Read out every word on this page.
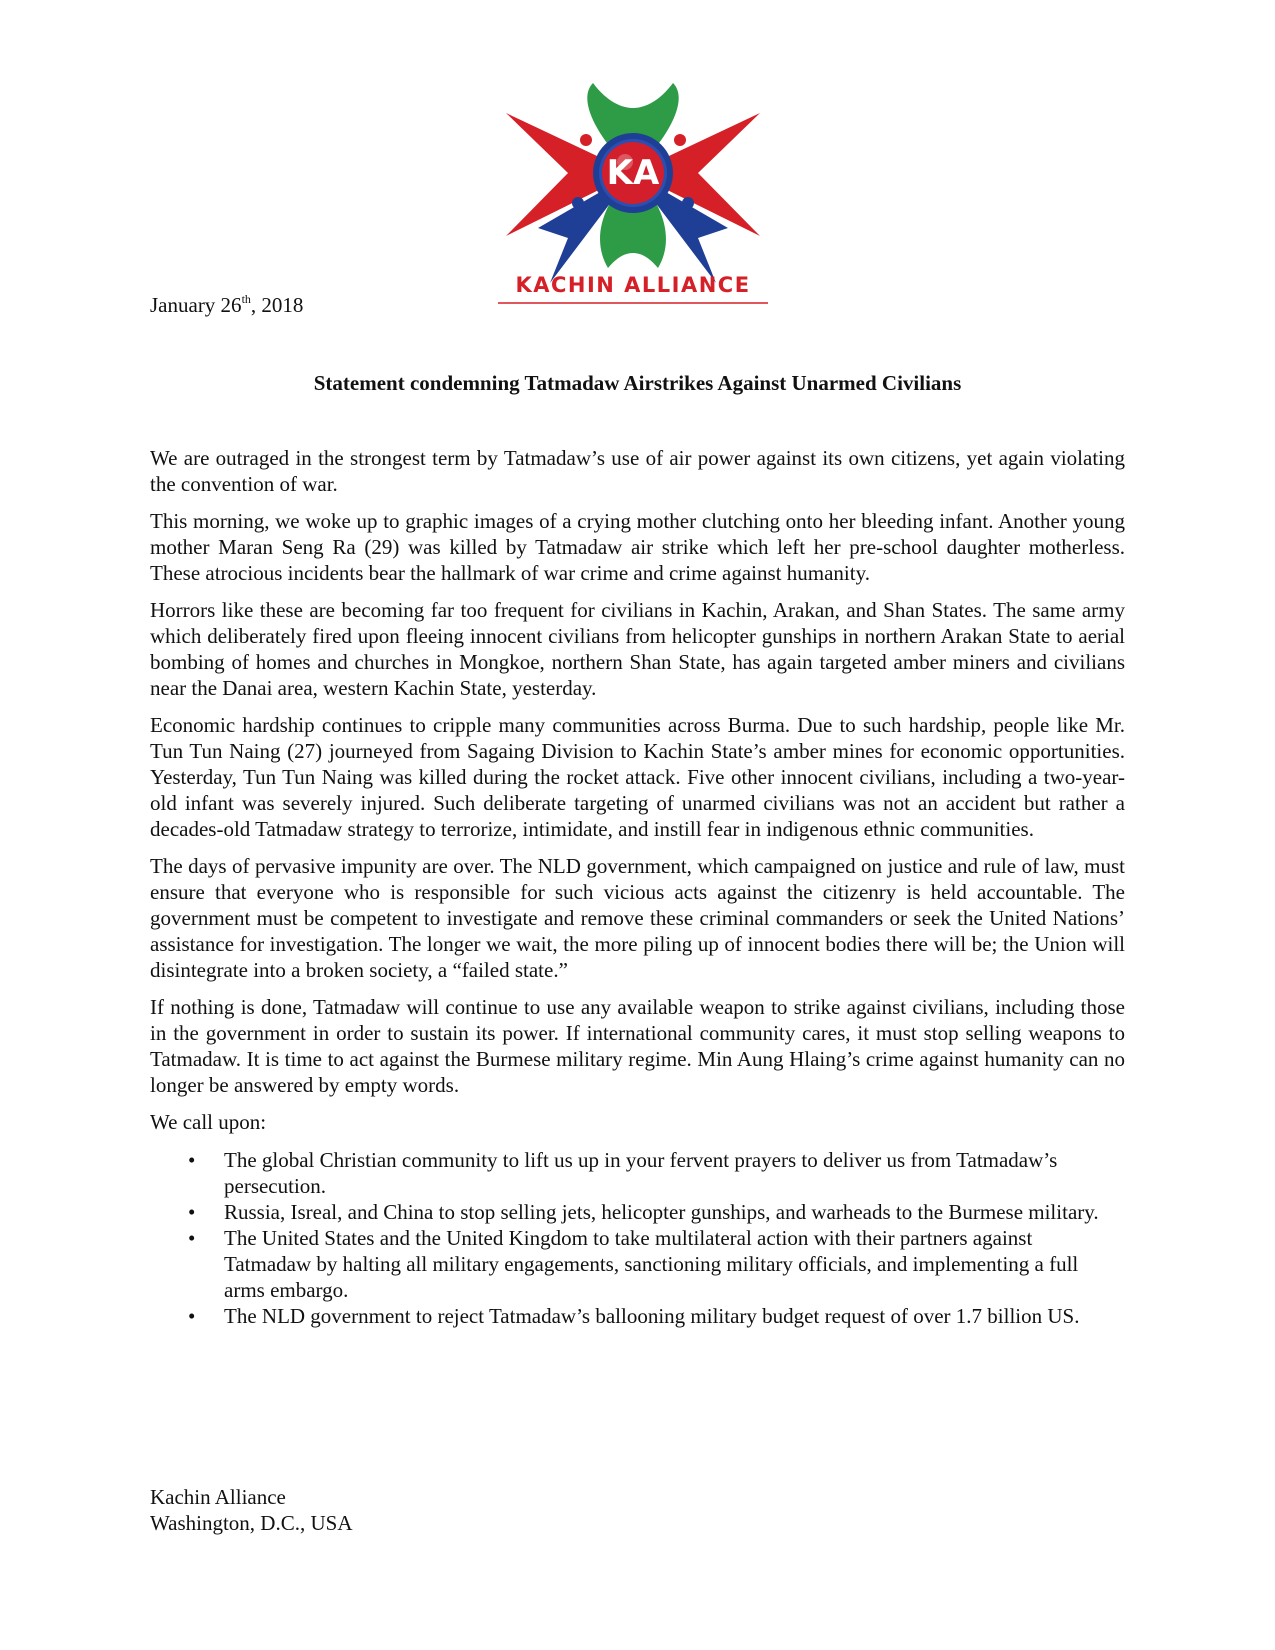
KA
KACHIN ALLIANCE
January 26th, 2018
Statement condemning Tatmadaw Airstrikes Against Unarmed Civilians

We are outraged in the strongest term by Tatmadaw’s use of air power against its own citizens, yet again violating the convention of war.

This morning, we woke up to graphic images of a crying mother clutching onto her bleeding infant. Another young mother Maran Seng Ra (29) was killed by Tatmadaw air strike which left her pre-school daughter motherless. These atrocious incidents bear the hallmark of war crime and crime against humanity.

Horrors like these are becoming far too frequent for civilians in Kachin, Arakan, and Shan States. The same army which deliberately fired upon fleeing innocent civilians from helicopter gunships in northern Arakan State to aerial bombing of homes and churches in Mongkoe, northern Shan State, has again targeted amber miners and civilians near the Danai area, western Kachin State, yesterday.

Economic hardship continues to cripple many communities across Burma. Due to such hardship, people like Mr. Tun Tun Naing (27) journeyed from Sagaing Division to Kachin State’s amber mines for economic opportunities. Yesterday, Tun Tun Naing was killed during the rocket attack. Five other innocent civilians, including a two-year-old infant was severely injured. Such deliberate targeting of unarmed civilians was not an accident but rather a decades-old Tatmadaw strategy to terrorize, intimidate, and instill fear in indigenous ethnic communities.

The days of pervasive impunity are over. The NLD government, which campaigned on justice and rule of law, must ensure that everyone who is responsible for such vicious acts against the citizenry is held accountable. The government must be competent to investigate and remove these criminal commanders or seek the United Nations’ assistance for investigation. The longer we wait, the more piling up of innocent bodies there will be; the Union will disintegrate into a broken society, a “failed state.”

If nothing is done, Tatmadaw will continue to use any available weapon to strike against civilians, including those in the government in order to sustain its power. If international community cares, it must stop selling weapons to Tatmadaw. It is time to act against the Burmese military regime. Min Aung Hlaing’s crime against humanity can no longer be answered by empty words.

We call upon:

• The global Christian community to lift us up in your fervent prayers to deliver us from Tatmadaw’s persecution.
• Russia, Isreal, and China to stop selling jets, helicopter gunships, and warheads to the Burmese military.
• The United States and the United Kingdom to take multilateral action with their partners against Tatmadaw by halting all military engagements, sanctioning military officials, and implementing a full arms embargo.
• The NLD government to reject Tatmadaw’s ballooning military budget request of over 1.7 billion US.
Kachin Alliance
Washington, D.C., USA
